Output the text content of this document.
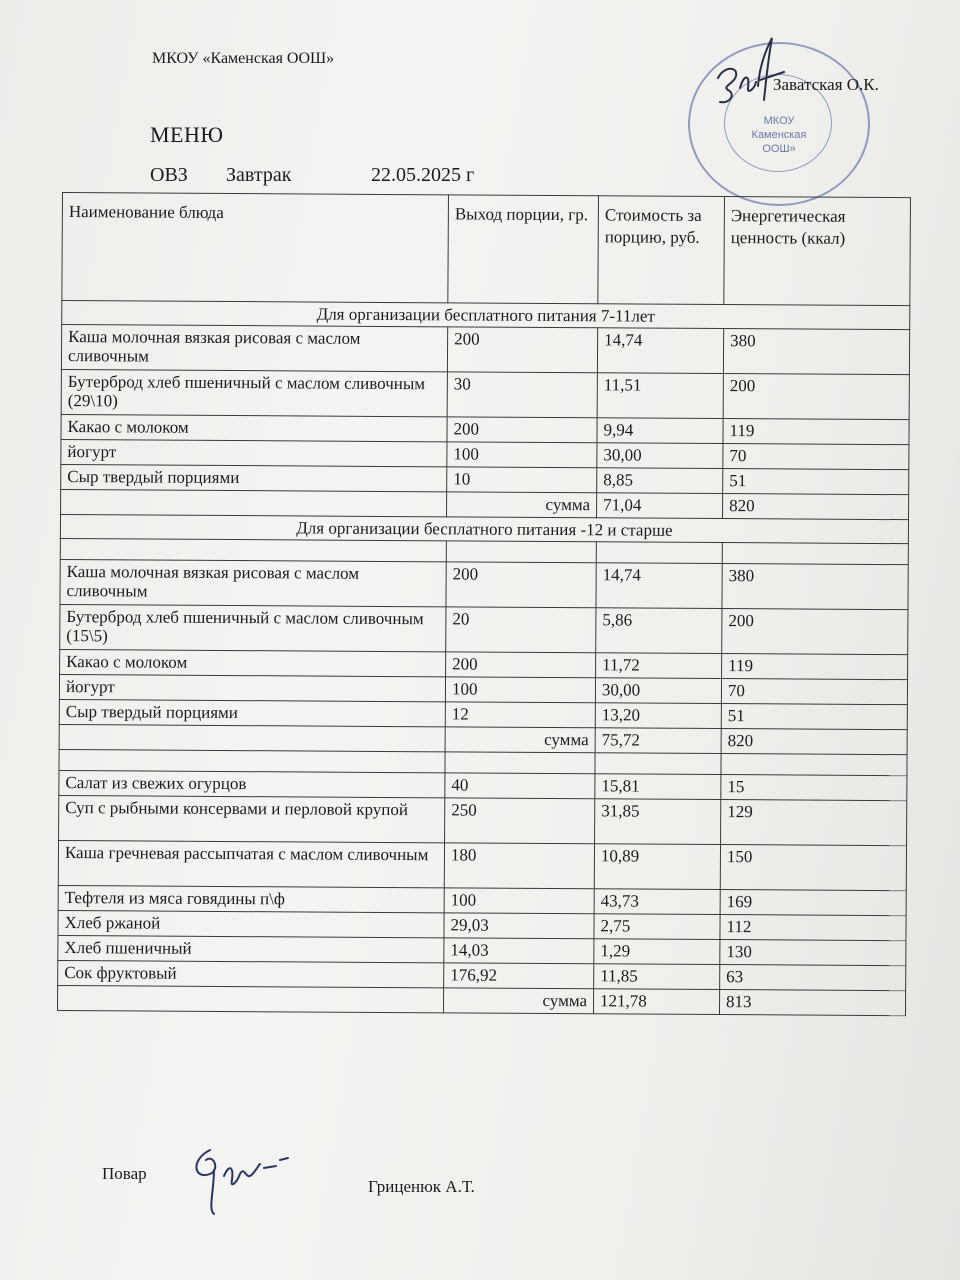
МКОУ «Каменская ООШ»
МКОУ
Каменская
ООШ»
Заватская О.К.
МЕНЮ
ОВЗ Завтрак	22.05.2025 г
Наименование блюда	Выход порции, гр.	Стоимость за порцию, руб.	Энергетическая ценность (ккал)
Для организации бесплатного питания 7-11лет			
Каша молочная вязкая рисовая с маслом сливочным	200	14,74	380
Бутерброд хлеб пшеничный с маслом сливочным (29\10)	30	11,51	200
Какао с молоком	200	9,94	119
йогурт	100	30,00	70
Сыр твердый порциями	10	8,85	51
	сумма	71,04	820
Для организации бесплатного питания -12 и старше			

Каша молочная вязкая рисовая с маслом сливочным	200	14,74	380
Бутерброд хлеб пшеничный с маслом сливочным (15\5)	20	5,86	200
Какао с молоком	200	11,72	119
йогурт	100	30,00	70
Сыр твердый порциями	12	13,20	51
	сумма	75,72	820

Салат из свежих огурцов	40	15,81	15
Суп с рыбными консервами и перловой крупой	250	31,85	129
Каша гречневая рассыпчатая с маслом сливочным	180	10,89	150
Тефтеля из мяса говядины п\ф	100	43,73	169
Хлеб ржаной	29,03	2,75	112
Хлеб пшеничный	14,03	1,29	130
Сок фруктовый	176,92	11,85	63
	сумма	121,78	813
Повар
Гриценюк А.Т.
